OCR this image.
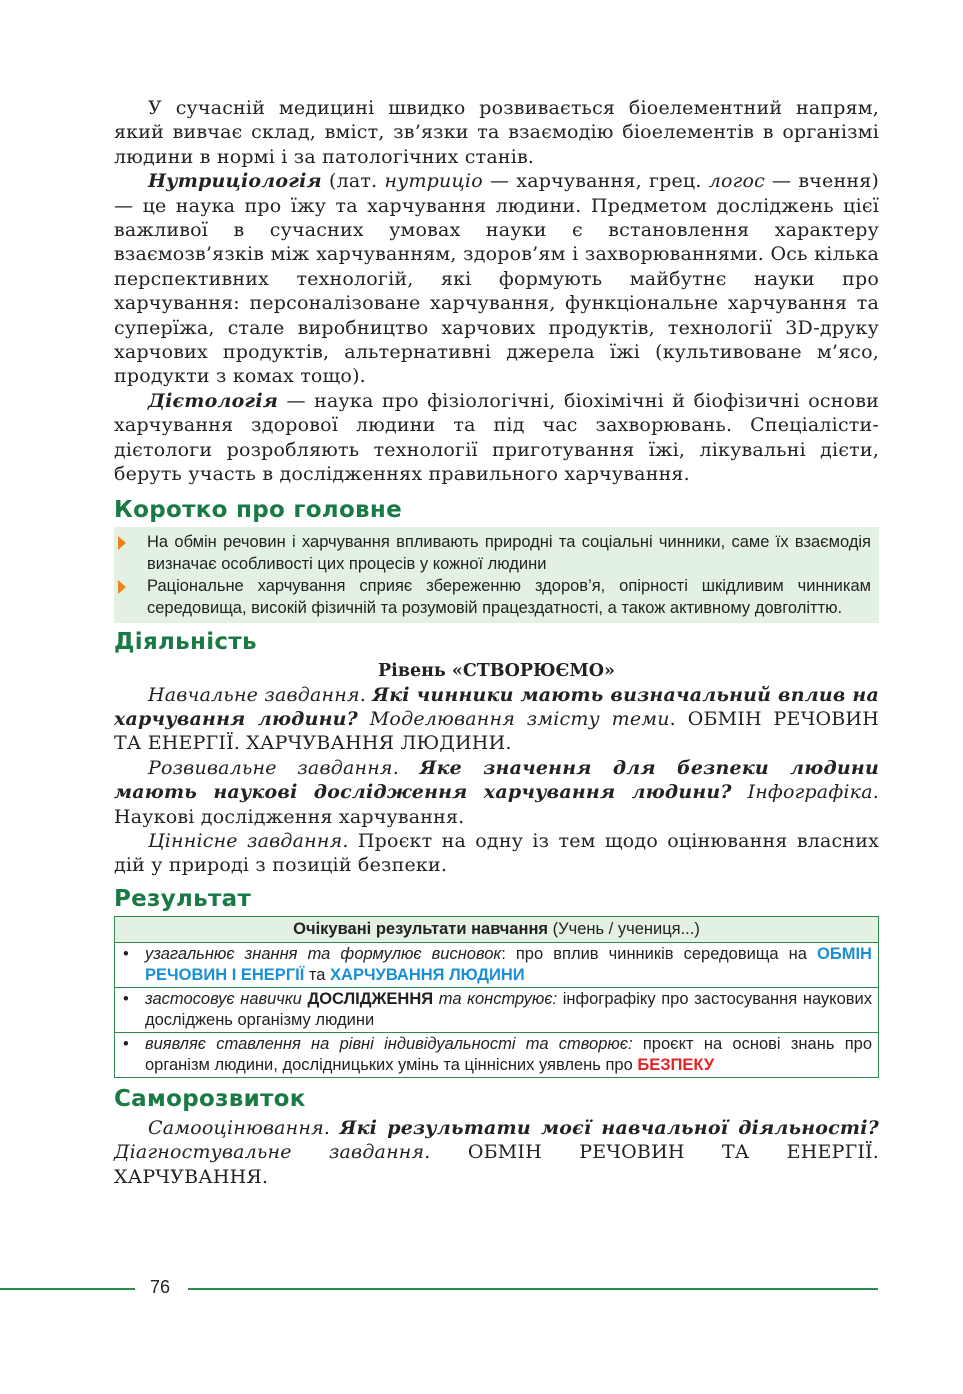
У сучасній медицині швидко розвивається біоелементний напрям, який вивчає склад, вміст, зв’язки та взаємодію біоелементів в організмі людини в нормі і за патологічних станів.

Нутриціологія (лат. нутриціо — харчування, грец. логос — вчення) — це наука про їжу та харчування людини. Предметом досліджень цієї важливої в сучасних умовах науки є встановлення характеру взаємозв’язків між харчуванням, здоров’ям і захворюваннями. Ось кілька перспективних технологій, які формують майбутнє науки про харчування: персоналізоване харчування, функціональне харчування та суперїжа, стале виробництво харчових продуктів, технології 3D-друку харчових продуктів, альтернативні джерела їжі (культивоване м’ясо, продукти з комах тощо).

Дієтологія — наука про фізіологічні, біохімічні й біофізичні основи харчування здорової людини та під час захворювань. Спеціалісти-дієтологи розробляють технології приготування їжі, лікувальні дієти, беруть участь в дослідженнях правильного харчування.

Коротко про головне
На обмін речовин і харчування впливають природні та соціальні чинники, саме їх взаємодія визначає особливості цих процесів у кожної людини
Раціональне харчування сприяє збереженню здоров’я, опірності шкідливим чинникам середовища, високій фізичній та розумовій працездатності, а також активному довголіттю.
Діяльність
Рівень «СТВОРЮЄМО»

Навчальне завдання. Які чинники мають визначальний вплив на харчування людини? Моделювання змісту теми. ОБМІН РЕЧОВИН ТА ЕНЕРГІЇ. ХАРЧУВАННЯ ЛЮДИНИ.

Розвивальне завдання. Яке значення для безпеки людини мають наукові дослідження харчування людини? Інфографіка. Наукові дослідження харчування.

Ціннісне завдання. Проєкт на одну із тем щодо оцінювання власних дій у природі з позицій безпеки.

Результат
Очікувані результати навчання (Учень / учениця...)

• узагальнює знання та формулює висновок: про вплив чинників середовища на ОБМІН РЕЧОВИН І ЕНЕРГІЇ та ХАРЧУВАННЯ ЛЮДИНИ

• застосовує навички ДОСЛІДЖЕННЯ та конструює: інфографіку про застосування наукових досліджень організму людини

• виявляє ставлення на рівні індивідуальності та створює: проєкт на основі знань про організм людини, дослідницьких умінь та ціннісних уявлень про БЕЗПЕКУ
Саморозвиток

Самооцінювання. Які результати моєї навчальної діяльності? Діагностувальне завдання. ОБМІН РЕЧОВИН ТА ЕНЕРГІЇ. ХАРЧУВАННЯ.

76
